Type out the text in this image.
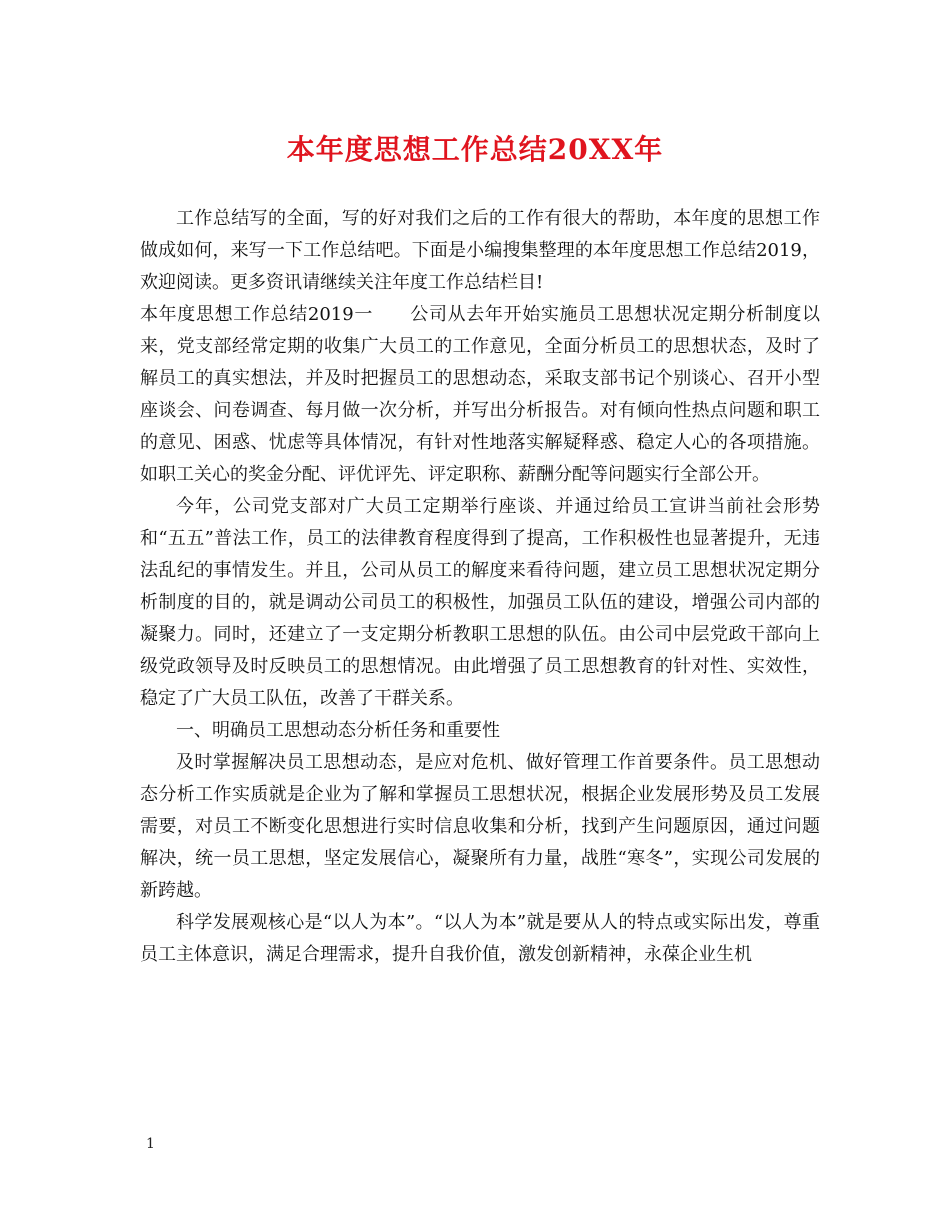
本年度思想工作总结20XX年

工作总结写的全面，写的好对我们之后的工作有很大的帮助，本年度的思想工作做成如何，来写一下工作总结吧。下面是小编搜集整理的本年度思想工作总结2019，欢迎阅读。更多资讯请继续关注年度工作总结栏目!

本年度思想工作总结2019一　　公司从去年开始实施员工思想状况定期分析制度以来，党支部经常定期的收集广大员工的工作意见，全面分析员工的思想状态，及时了解员工的真实想法，并及时把握员工的思想动态，采取支部书记个别谈心、召开小型座谈会、问卷调查、每月做一次分析，并写出分析报告。对有倾向性热点问题和职工的意见、困惑、忧虑等具体情况，有针对性地落实解疑释惑、稳定人心的各项措施。如职工关心的奖金分配、评优评先、评定职称、薪酬分配等问题实行全部公开。

今年，公司党支部对广大员工定期举行座谈、并通过给员工宣讲当前社会形势和“五五”普法工作，员工的法律教育程度得到了提高，工作积极性也显著提升，无违法乱纪的事情发生。并且，公司从员工的解度来看待问题，建立员工思想状况定期分析制度的目的，就是调动公司员工的积极性，加强员工队伍的建设，增强公司内部的凝聚力。同时，还建立了一支定期分析教职工思想的队伍。由公司中层党政干部向上级党政领导及时反映员工的思想情况。由此增强了员工思想教育的针对性、实效性，稳定了广大员工队伍，改善了干群关系。

一、明确员工思想动态分析任务和重要性

及时掌握解决员工思想动态，是应对危机、做好管理工作首要条件。员工思想动态分析工作实质就是企业为了解和掌握员工思想状况，根据企业发展形势及员工发展需要，对员工不断变化思想进行实时信息收集和分析，找到产生问题原因，通过问题解决，统一员工思想，坚定发展信心，凝聚所有力量，战胜“寒冬”，实现公司发展的新跨越。

科学发展观核心是“以人为本”。“以人为本”就是要从人的特点或实际出发，尊重员工主体意识，满足合理需求，提升自我价值，激发创新精神，永葆企业生机

1
